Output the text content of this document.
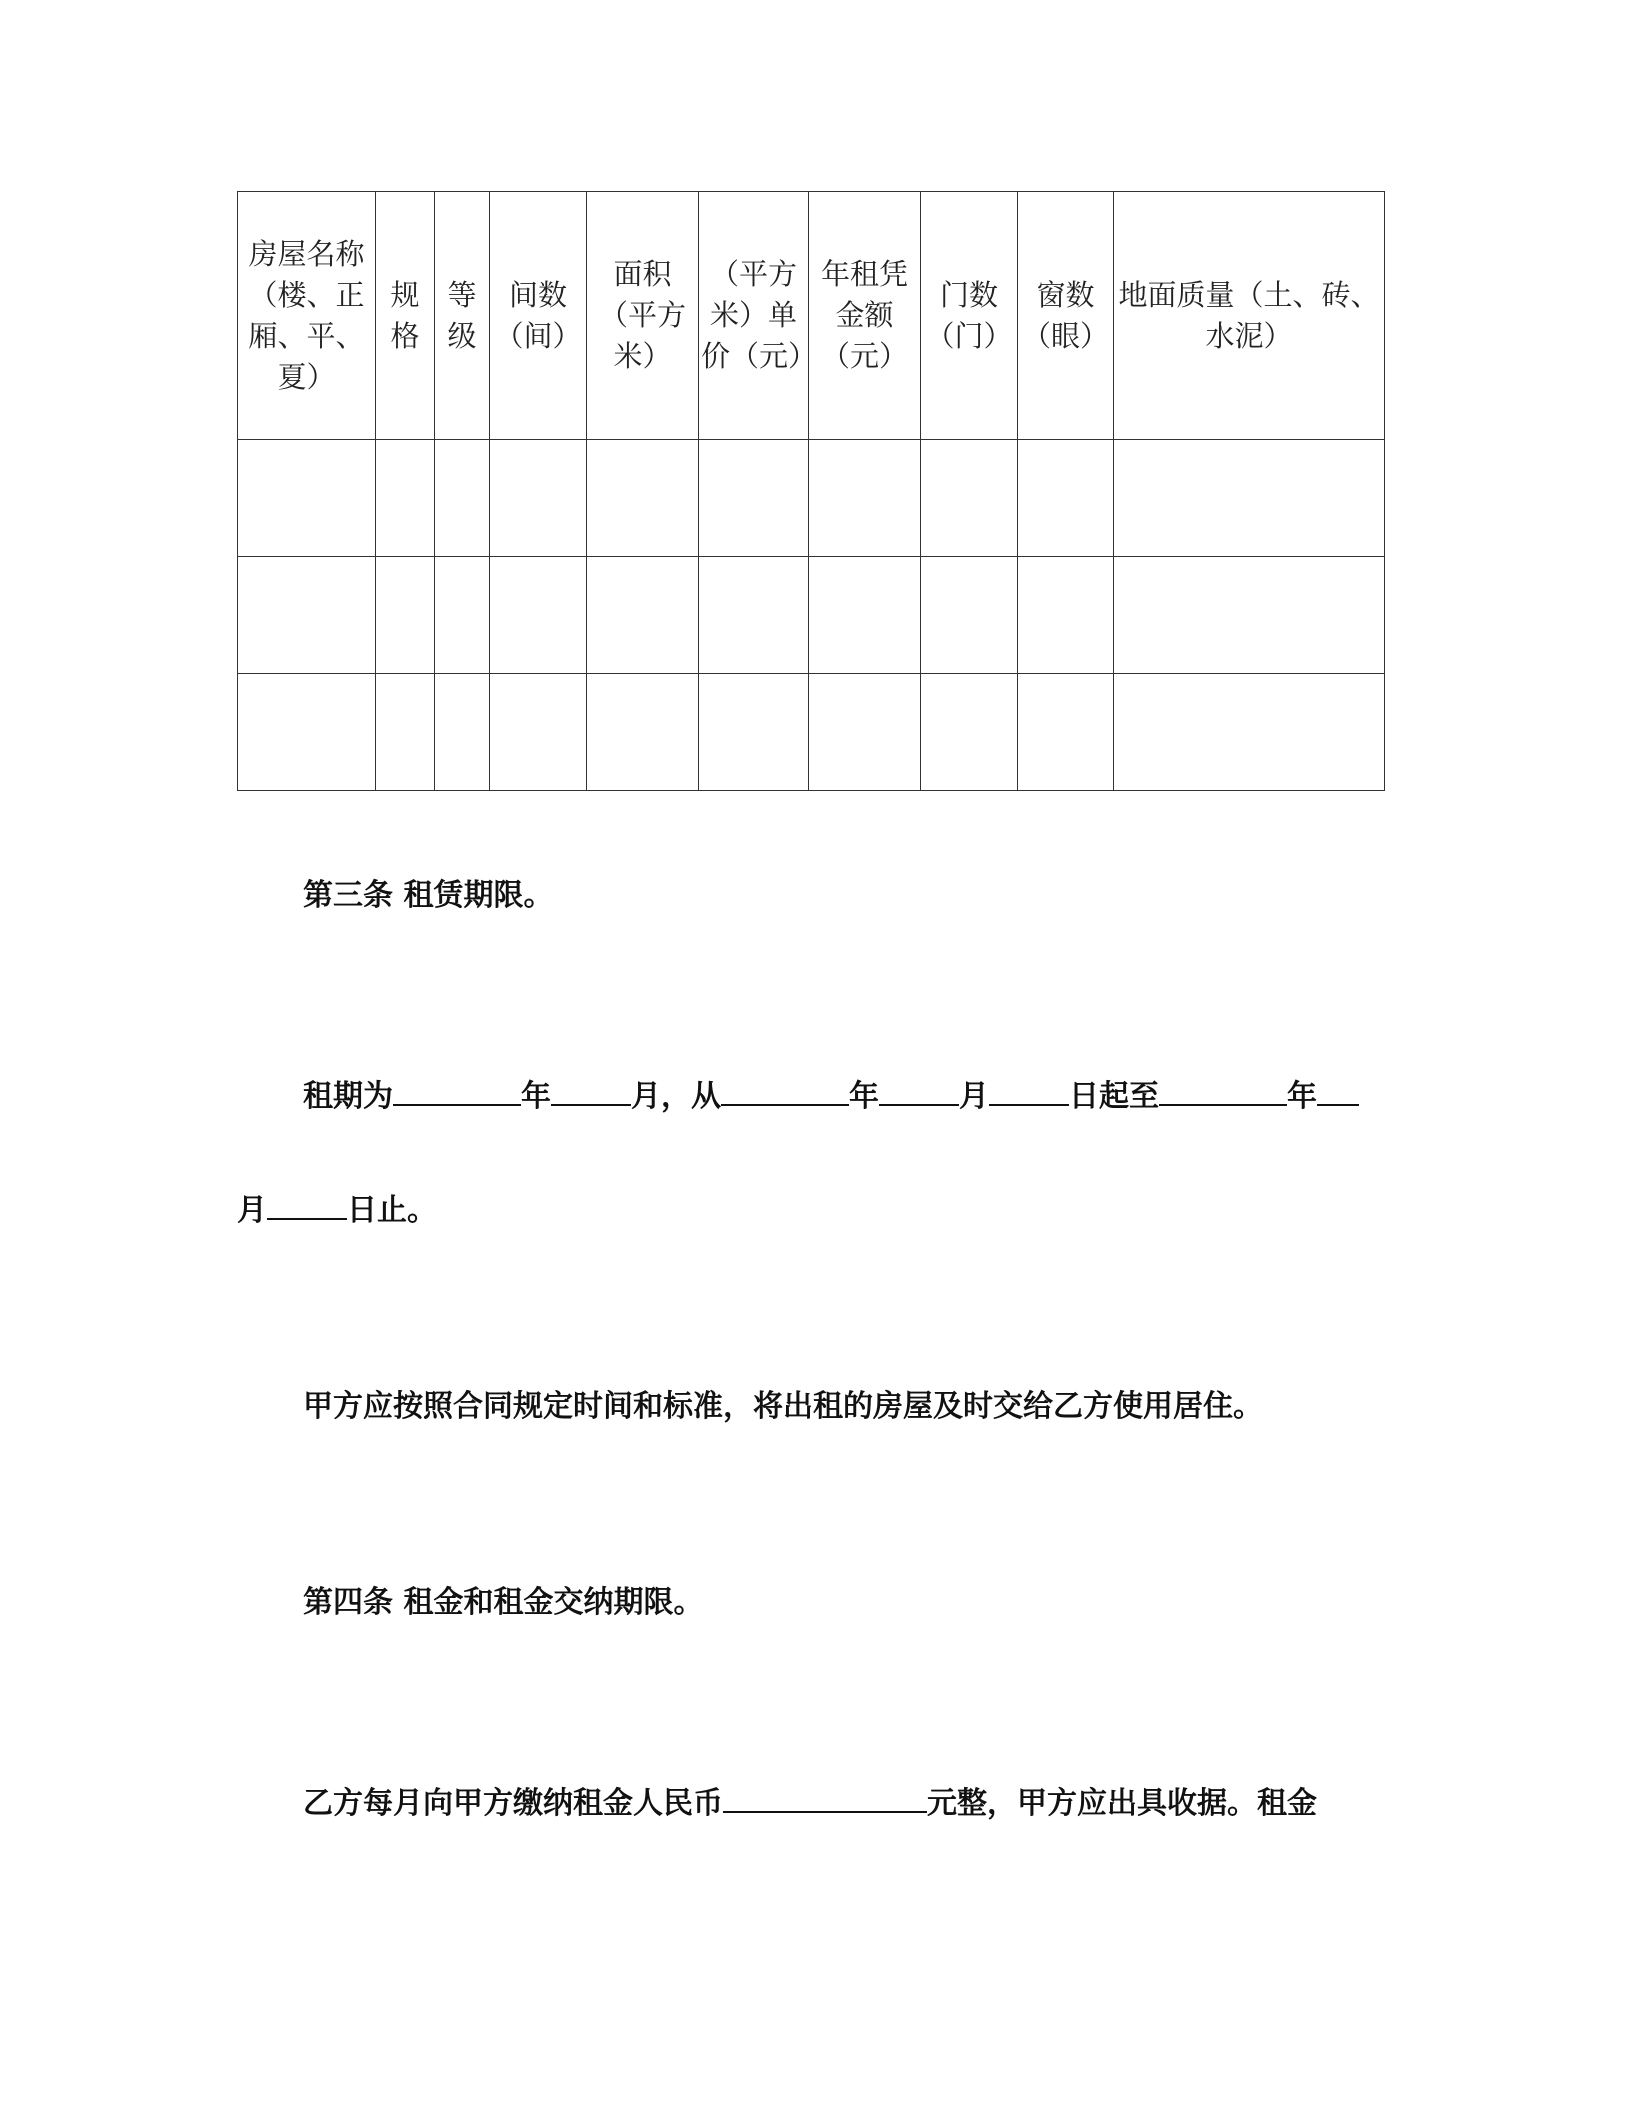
房屋名称（楼、正厢、平、夏）	规格	等级	间数（间）	面积（平方米）	（平方米）单价（元）	年租凭金额（元）	门数（门）	窗数（眼）	地面质量（土、砖、水泥）

第三条 租赁期限。
租期为	年	月，从	年	月	日起至	年
月	日止。
甲方应按照合同规定时间和标准，将出租的房屋及时交给乙方使用居住。
第四条 租金和租金交纳期限。
乙方每月向甲方缴纳租金人民币	元整，甲方应出具收据。租金
